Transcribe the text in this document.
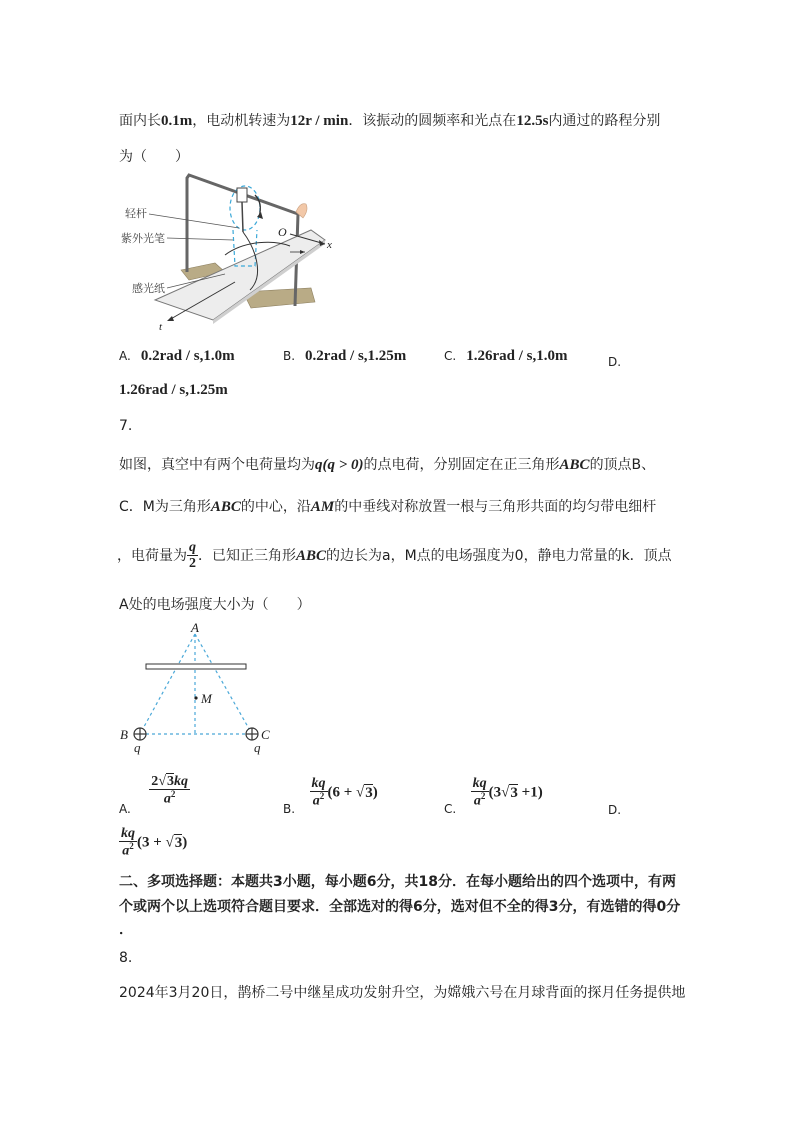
面内长0.1m，电动机转速为12r / min．该振动的圆频率和光点在12.5s内通过的路程分别
为（　　）
轻杆
紫外光笔
感光纸
O
x
t
A. 0.2rad / s,1.0m	B. 0.2rad / s,1.25m	C. 1.26rad / s,1.0m	D.
1.26rad / s,1.25m
7.
如图，真空中有两个电荷量均为q(q > 0)的点电荷，分别固定在正三角形ABC的顶点B、
C．M为三角形ABC的中心，沿AM的中垂线对称放置一根与三角形共面的均匀带电细杆
，电荷量为 $\frac{q}{2}$ ．已知正三角形ABC的边长为a，M点的电场强度为0，静电力常量的k．顶点
A处的电场强度大小为（　　）
A
B	C
M
q	q
A.
$\frac{2√3kq}{a^2}$
B. $\frac{kq}{a^2} (6 + √3)$
C. $\frac{kq}{a^2} (3√3 +1)$
D.
$\frac{kq}{a^2} (3 + √3)$
二、多项选择题：本题共3小题，每小题6分，共18分．在每小题给出的四个选项中，有两
个或两个以上选项符合题目要求．全部选对的得6分，选对但不全的得3分，有选错的得0分
．
8.
2024年3月20日，鹊桥二号中继星成功发射升空，为嫦娥六号在月球背面的探月任务提供地
